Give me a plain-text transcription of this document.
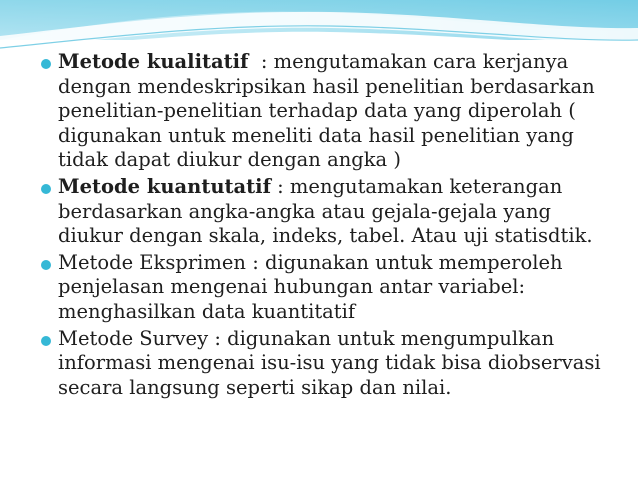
Metode kualitatif  : mengutamakan cara kerjanya
dengan mendeskripsikan hasil penelitian berdasarkan
penelitian-penelitian terhadap data yang diperolah (
digunakan untuk meneliti data hasil penelitian yang
tidak dapat diukur dengan angka )
Metode kuantutatif : mengutamakan keterangan
berdasarkan angka-angka atau gejala-gejala yang
diukur dengan skala, indeks, tabel. Atau uji statisdtik.
Metode Eksprimen : digunakan untuk memperoleh
penjelasan mengenai hubungan antar variabel:
menghasilkan data kuantitatif
Metode Survey : digunakan untuk mengumpulkan
informasi mengenai isu-isu yang tidak bisa diobservasi
secara langsung seperti sikap dan nilai.
